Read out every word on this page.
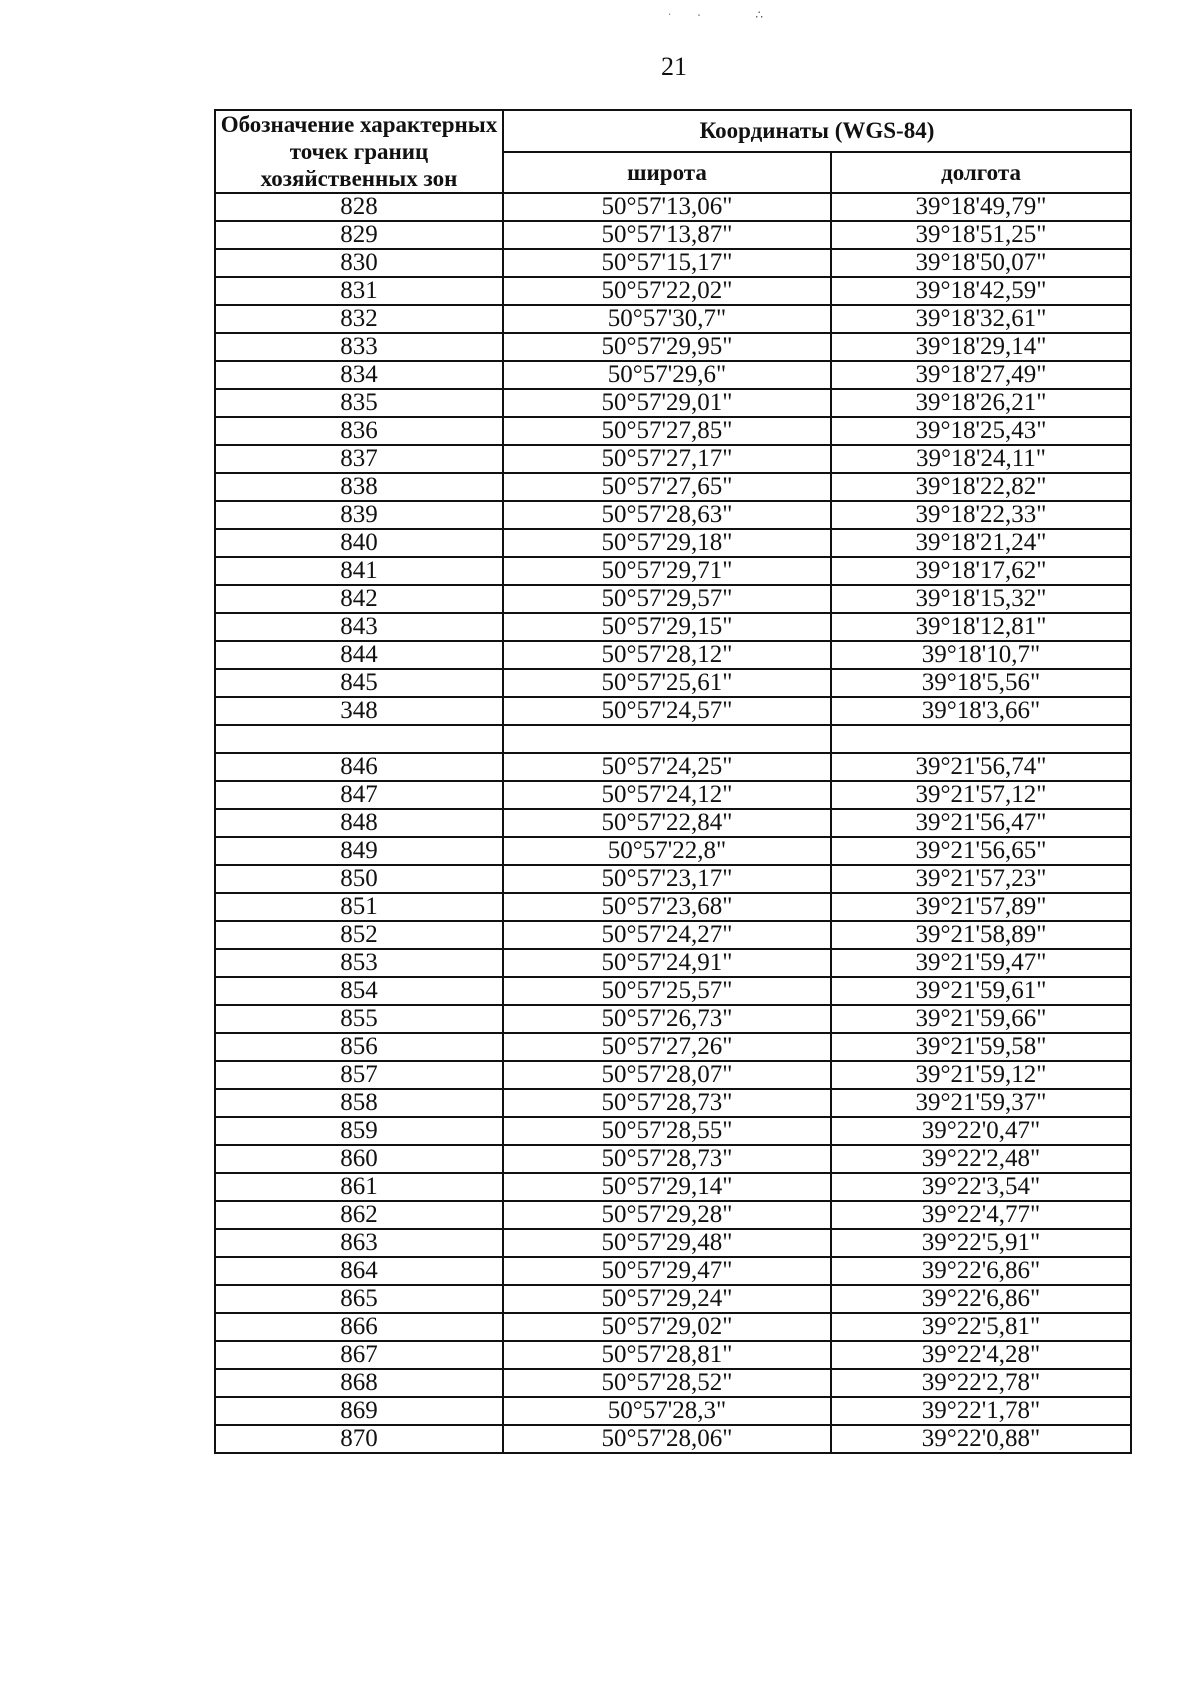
ˑ∙ ∴
21
Обозначение характерных точек границ хозяйственных зон	Координаты (WGS-84)	
	широта	долгота
828	50°57'13,06"	39°18'49,79"
829	50°57'13,87"	39°18'51,25"
830	50°57'15,17"	39°18'50,07"
831	50°57'22,02"	39°18'42,59"
832	50°57'30,7"	39°18'32,61"
833	50°57'29,95"	39°18'29,14"
834	50°57'29,6"	39°18'27,49"
835	50°57'29,01"	39°18'26,21"
836	50°57'27,85"	39°18'25,43"
837	50°57'27,17"	39°18'24,11"
838	50°57'27,65"	39°18'22,82"
839	50°57'28,63"	39°18'22,33"
840	50°57'29,18"	39°18'21,24"
841	50°57'29,71"	39°18'17,62"
842	50°57'29,57"	39°18'15,32"
843	50°57'29,15"	39°18'12,81"
844	50°57'28,12"	39°18'10,7"
845	50°57'25,61"	39°18'5,56"
348	50°57'24,57"	39°18'3,66"

846	50°57'24,25"	39°21'56,74"
847	50°57'24,12"	39°21'57,12"
848	50°57'22,84"	39°21'56,47"
849	50°57'22,8"	39°21'56,65"
850	50°57'23,17"	39°21'57,23"
851	50°57'23,68"	39°21'57,89"
852	50°57'24,27"	39°21'58,89"
853	50°57'24,91"	39°21'59,47"
854	50°57'25,57"	39°21'59,61"
855	50°57'26,73"	39°21'59,66"
856	50°57'27,26"	39°21'59,58"
857	50°57'28,07"	39°21'59,12"
858	50°57'28,73"	39°21'59,37"
859	50°57'28,55"	39°22'0,47"
860	50°57'28,73"	39°22'2,48"
861	50°57'29,14"	39°22'3,54"
862	50°57'29,28"	39°22'4,77"
863	50°57'29,48"	39°22'5,91"
864	50°57'29,47"	39°22'6,86"
865	50°57'29,24"	39°22'6,86"
866	50°57'29,02"	39°22'5,81"
867	50°57'28,81"	39°22'4,28"
868	50°57'28,52"	39°22'2,78"
869	50°57'28,3"	39°22'1,78"
870	50°57'28,06"	39°22'0,88"
